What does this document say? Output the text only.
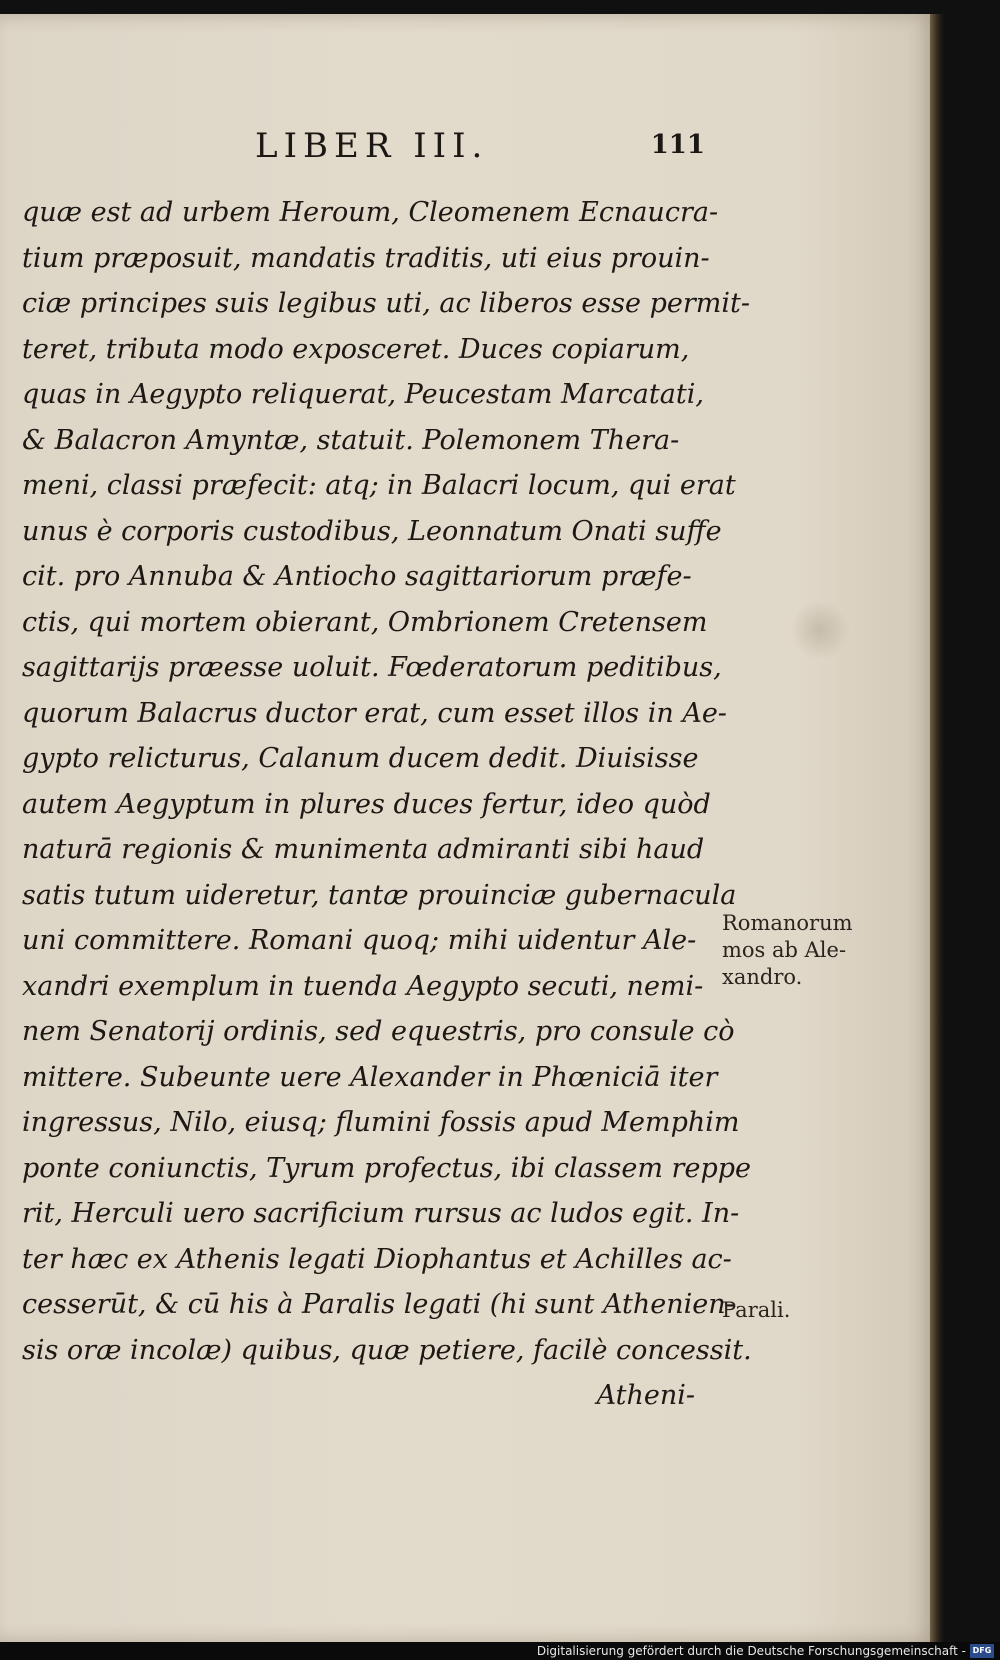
LIBER III.	111
quæ est ad urbem Heroum, Cleomenem Ecnaucra-
tium præposuit, mandatis traditis, uti eius prouin-
ciæ principes suis legibus uti, ac liberos esse permit-
teret, tributa modo exposceret. Duces copiarum,
quas in Aegypto reliquerat, Peucestam Marcatati,
& Balacron Amyntæ, statuit. Polemonem Thera-
meni, classi præfecit: atq; in Balacri locum, qui erat
unus è corporis custodibus, Leonnatum Onati suffe
cit. pro Annuba & Antiocho sagittariorum præfe-
ctis, qui mortem obierant, Ombrionem Cretensem
sagittarijs præesse uoluit. Fœderatorum peditibus,
quorum Balacrus ductor erat, cum esset illos in Ae-
gypto relicturus, Calanum ducem dedit. Diuisisse
autem Aegyptum in plures duces fertur, ideo quòd
naturā regionis & munimenta admiranti sibi haud
satis tutum uideretur, tantæ prouinciæ gubernacula
uni committere. Romani quoq; mihi uidentur Ale-
xandri exemplum in tuenda Aegypto secuti, nemi-
nem Senatorij ordinis, sed equestris, pro consule cò
mittere. Subeunte uere Alexander in Phœniciā iter
ingressus, Nilo, eiusq; flumini fossis apud Memphim
ponte coniunctis, Tyrum profectus, ibi classem reppe
rit, Herculi uero sacrificium rursus ac ludos egit. In-
ter hæc ex Athenis legati Diophantus et Achilles ac-
cesserūt, & cū his à Paralis legati (hi sunt Athenien-
sis oræ incolæ) quibus, quæ petiere, facilè concessit.
Atheni-
Romanorum
mos ab Ale-
xandro.
Parali.
Digitalisierung gefördert durch die Deutsche Forschungsgemeinschaft - DFG
